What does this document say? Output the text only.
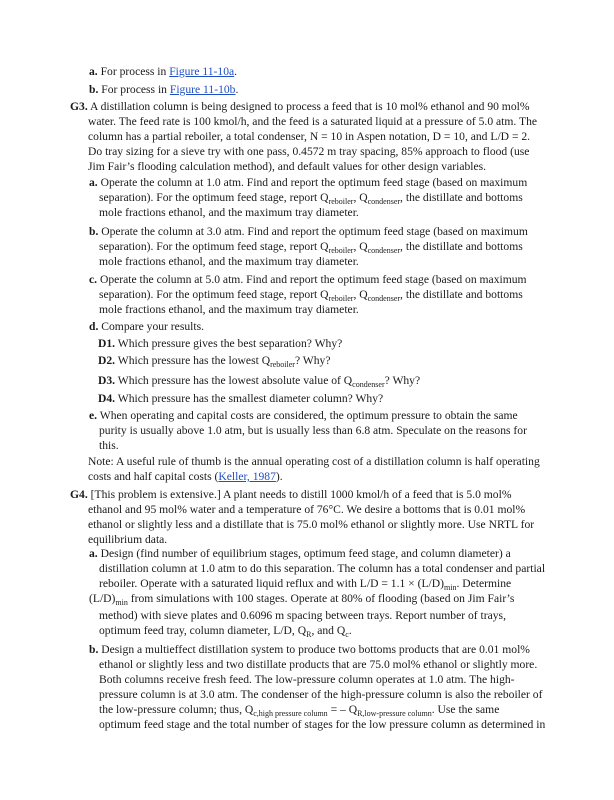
a. For process in Figure 11-10a.
b. For process in Figure 11-10b.
G3. A distillation column is being designed to process a feed that is 10 mol% ethanol and 90 mol%
water. The feed rate is 100 kmol/h, and the feed is a saturated liquid at a pressure of 5.0 atm. The
column has a partial reboiler, a total condenser, N = 10 in Aspen notation, D = 10, and L/D = 2.
Do tray sizing for a sieve try with one pass, 0.4572 m tray spacing, 85% approach to flood (use
Jim Fair’s flooding calculation method), and default values for other design variables.
a. Operate the column at 1.0 atm. Find and report the optimum feed stage (based on maximum
separation). For the optimum feed stage, report $Q_{reboiler}$, $Q_{condenser}$, the distillate and bottoms
mole fractions ethanol, and the maximum tray diameter.
b. Operate the column at 3.0 atm. Find and report the optimum feed stage (based on maximum
separation). For the optimum feed stage, report $Q_{reboiler}$, $Q_{condenser}$, the distillate and bottoms
mole fractions ethanol, and the maximum tray diameter.
c. Operate the column at 5.0 atm. Find and report the optimum feed stage (based on maximum
separation). For the optimum feed stage, report $Q_{reboiler}$, $Q_{condenser}$, the distillate and bottoms
mole fractions ethanol, and the maximum tray diameter.
d. Compare your results.
D1. Which pressure gives the best separation? Why?
D2. Which pressure has the lowest $Q_{reboiler}$? Why?
D3. Which pressure has the lowest absolute value of $Q_{condenser}$? Why?
D4. Which pressure has the smallest diameter column? Why?
e. When operating and capital costs are considered, the optimum pressure to obtain the same
purity is usually above 1.0 atm, but is usually less than 6.8 atm. Speculate on the reasons for
this.
Note: A useful rule of thumb is the annual operating cost of a distillation column is half operating
costs and half capital costs (Keller, 1987).
G4. [This problem is extensive.] A plant needs to distill 1000 kmol/h of a feed that is 5.0 mol%
ethanol and 95 mol% water and a temperature of 76°C. We desire a bottoms that is 0.01 mol%
ethanol or slightly less and a distillate that is 75.0 mol% ethanol or slightly more. Use NRTL for
equilibrium data.
a. Design (find number of equilibrium stages, optimum feed stage, and column diameter) a
distillation column at 1.0 atm to do this separation. The column has a total condenser and partial
reboiler. Operate with a saturated liquid reflux and with $L/D = 1.1 \times (L/D)_{min}$. Determine
$(L/D)_{min}$ from simulations with 100 stages. Operate at 80% of flooding (based on Jim Fair’s
method) with sieve plates and 0.6096 m spacing between trays. Report number of trays,
optimum feed tray, column diameter, L/D, $Q_R$, and $Q_c$.
b. Design a multieffect distillation system to produce two bottoms products that are 0.01 mol%
ethanol or slightly less and two distillate products that are 75.0 mol% ethanol or slightly more.
Both columns receive fresh feed. The low-pressure column operates at 1.0 atm. The high-
pressure column is at 3.0 atm. The condenser of the high-pressure column is also the reboiler of
the low-pressure column; thus, $Q_{c,high pressure column}$ = – $Q_{R,low-pressure column}$. Use the same
optimum feed stage and the total number of stages for the low pressure column as determined in
